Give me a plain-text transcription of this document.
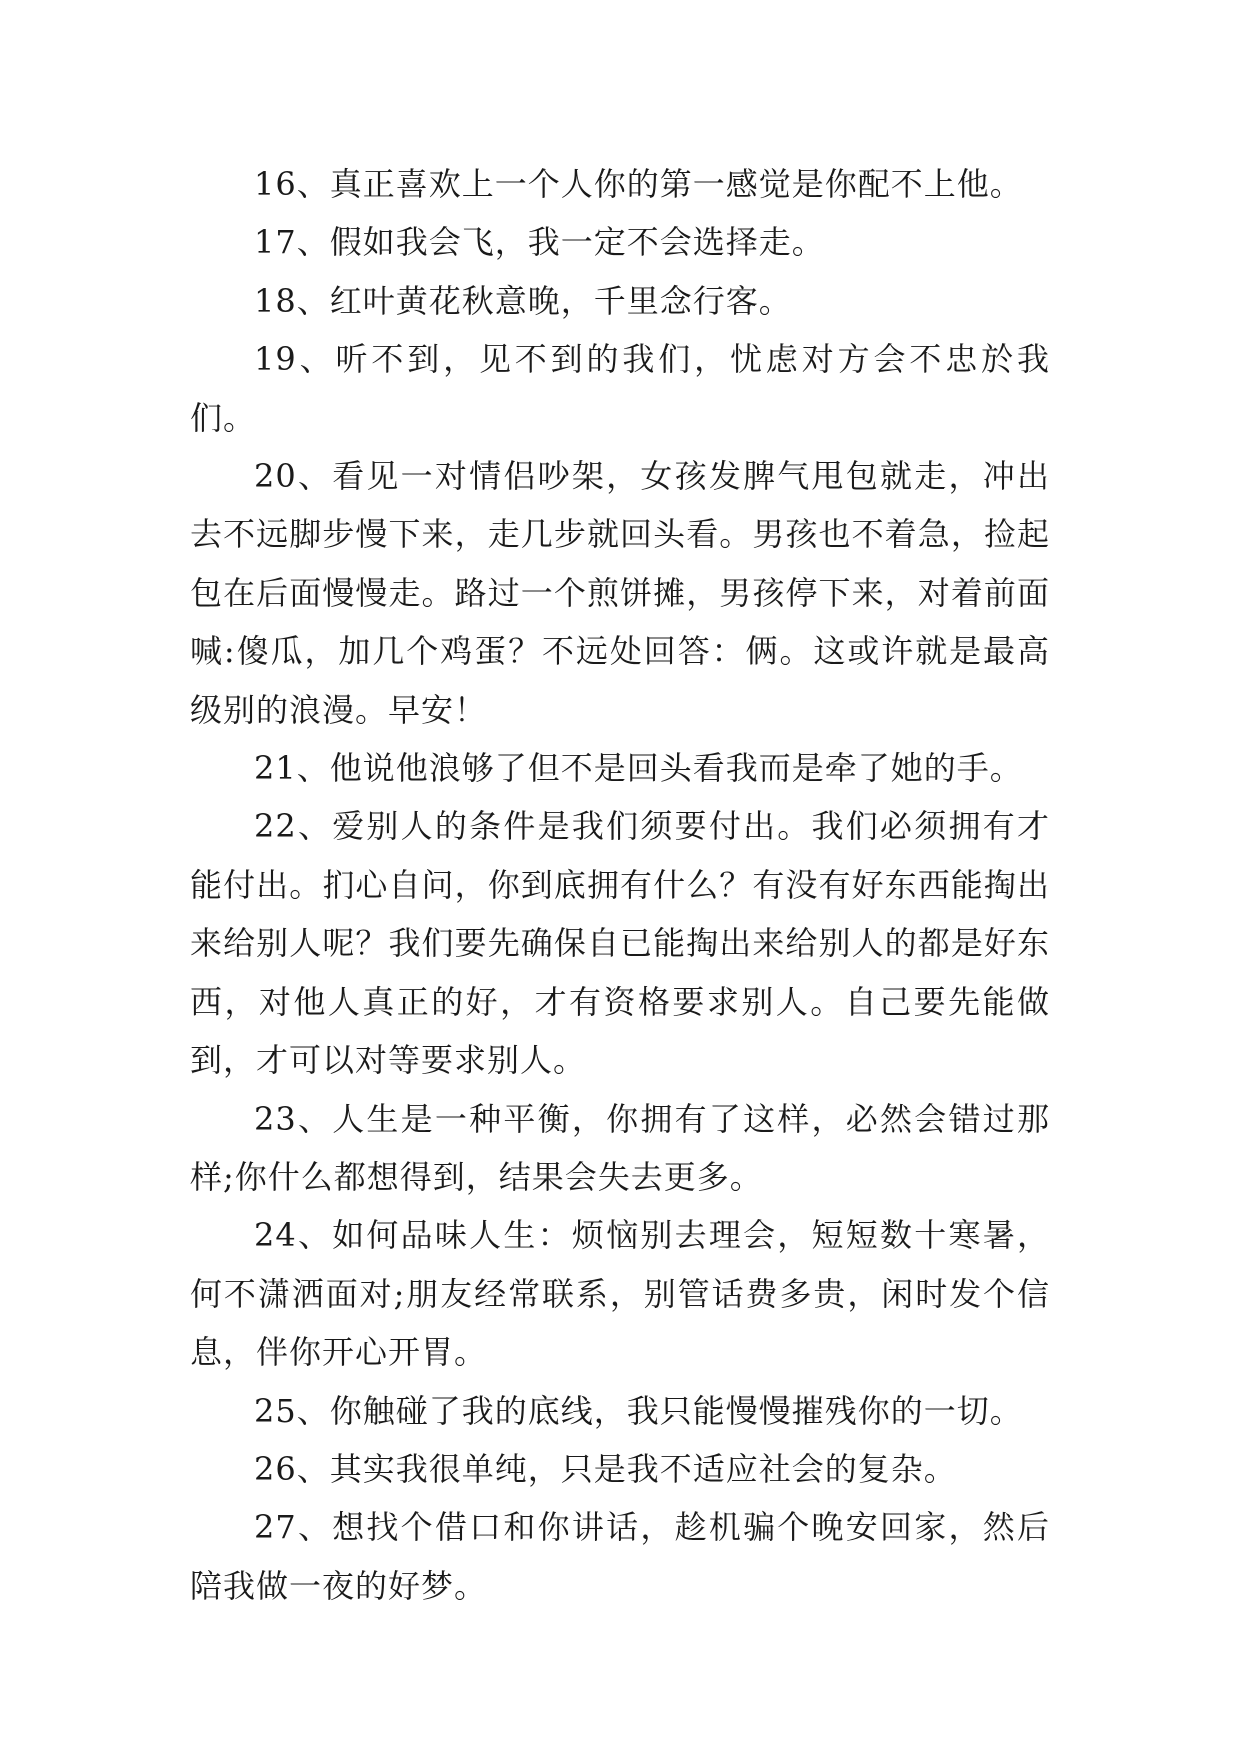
16、真正喜欢上一个人你的第一感觉是你配不上他。

17、假如我会飞，我一定不会选择走。

18、红叶黄花秋意晚，千里念行客。

19、听不到，见不到的我们，忧虑对方会不忠於我们。

20、看见一对情侣吵架，女孩发脾气甩包就走，冲出去不远脚步慢下来，走几步就回头看。男孩也不着急，捡起包在后面慢慢走。路过一个煎饼摊，男孩停下来，对着前面喊:傻瓜，加几个鸡蛋？不远处回答：俩。这或许就是最高级别的浪漫。早安！

21、他说他浪够了但不是回头看我而是牵了她的手。

22、爱别人的条件是我们须要付出。我们必须拥有才能付出。扪心自问，你到底拥有什么？有没有好东西能掏出来给别人呢？我们要先确保自已能掏出来给别人的都是好东西，对他人真正的好，才有资格要求别人。自己要先能做到，才可以对等要求别人。

23、人生是一种平衡，你拥有了这样，必然会错过那样;你什么都想得到，结果会失去更多。

24、如何品味人生：烦恼别去理会，短短数十寒暑，何不潇洒面对;朋友经常联系，别管话费多贵，闲时发个信息，伴你开心开胃。

25、你触碰了我的底线，我只能慢慢摧残你的一切。

26、其实我很单纯，只是我不适应社会的复杂。

27、想找个借口和你讲话，趁机骗个晚安回家，然后陪我做一夜的好梦。
